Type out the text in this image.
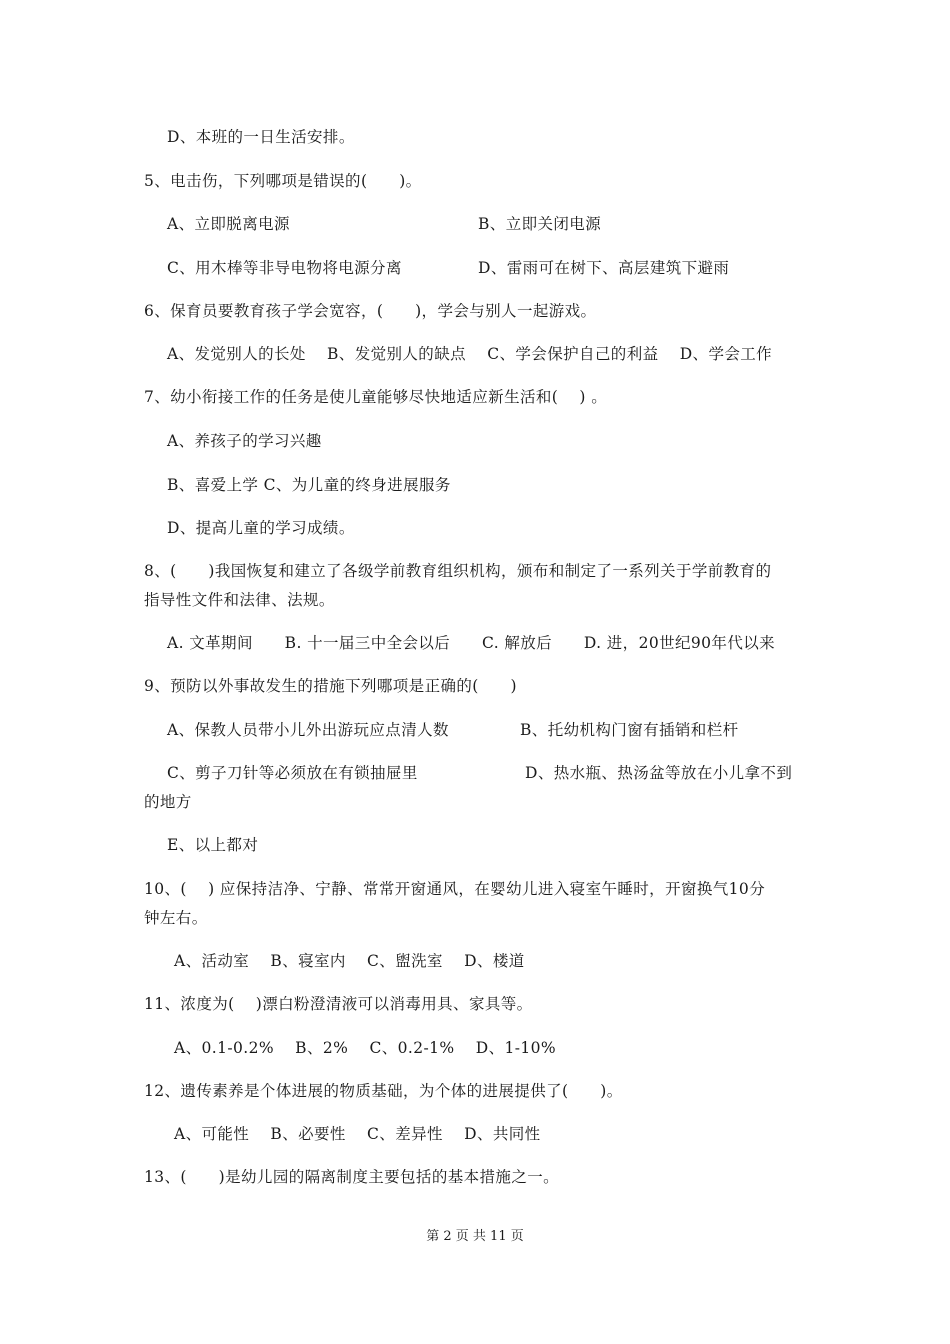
D、本班的一日生活安排。
5、电击伤，下列哪项是错误的(　　)。
A、立即脱离电源	B、立即关闭电源
C、用木棒等非导电物将电源分离	D、雷雨可在树下、高层建筑下避雨
6、保育员要教育孩子学会宽容，(　　)，学会与别人一起游戏。
A、发觉别人的长处　 B、发觉别人的缺点　 C、学会保护自己的利益　 D、学会工作
7、幼小衔接工作的任务是使儿童能够尽快地适应新生活和(　 ) 。
A、养孩子的学习兴趣
B、喜爱上学 C、为儿童的终身进展服务
D、提高儿童的学习成绩。
8、(　　)我国恢复和建立了各级学前教育组织机构，颁布和制定了一系列关于学前教育的
指导性文件和法律、法规。
A. 文革期间　　B. 十一届三中全会以后　　C. 解放后　　D. 进，20世纪90年代以来
9、预防以外事故发生的措施下列哪项是正确的(　　)
A、保教人员带小儿外出游玩应点清人数	B、托幼机构门窗有插销和栏杆
C、剪子刀针等必须放在有锁抽屉里	D、热水瓶、热汤盆等放在小儿拿不到
的地方
E、以上都对
10、(　 ) 应保持洁净、宁静、常常开窗通风，在婴幼儿进入寝室午睡时，开窗换气10分
钟左右。
A、活动室　 B、寝室内　 C、盥洗室　 D、楼道
11、浓度为(　 )漂白粉澄清液可以消毒用具、家具等。
A、0.1-0.2%　 B、2%　 C、0.2-1%　 D、1-10%
12、遗传素养是个体进展的物质基础，为个体的进展提供了(　　)。
A、可能性　 B、必要性　 C、差异性　 D、共同性
13、(　　)是幼儿园的隔离制度主要包括的基本措施之一。
第 2 页 共 11 页
